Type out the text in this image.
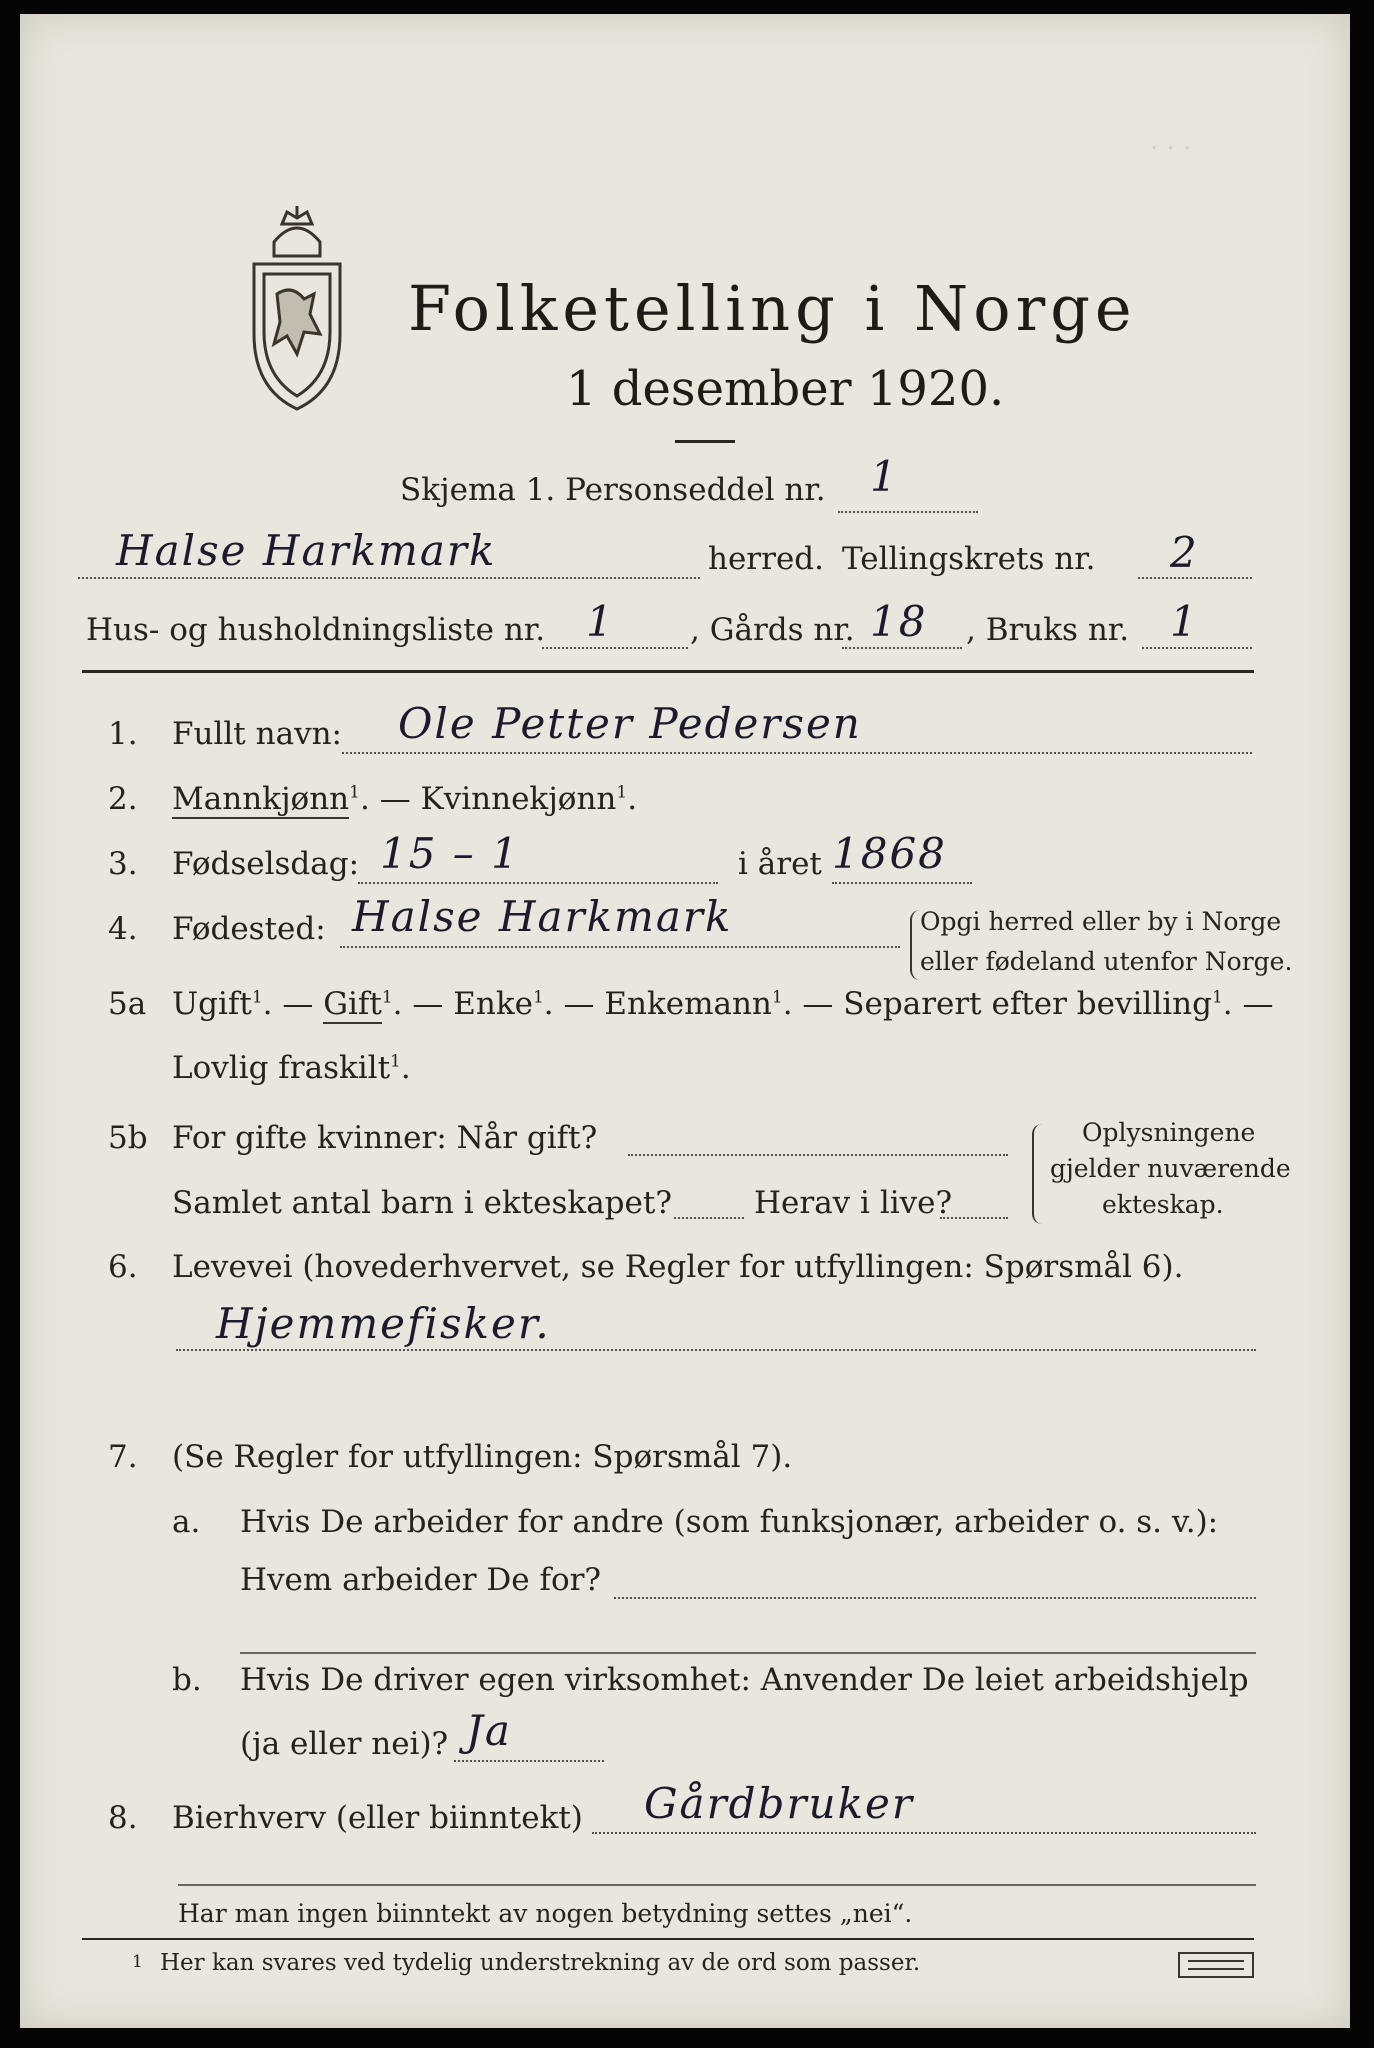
· · ·
Folketelling i Norge
1 desember 1920.
Skjema 1. Personseddel nr. 1
Halse Harkmark	herred. Tellingskrets nr. 2
Hus- og husholdningsliste nr. 1 , Gårds nr. 18 , Bruks nr. 1
1. Fullt navn: Ole Petter Pedersen
2. Mannkjønn$^1$. — Kvinnekjønn$^1$.
3. Fødselsdag: 15 – 1	i året 1868
4. Fødested: Halse Harkmark	Opgi herred eller by i Norge
eller fødeland utenfor Norge.
5a Ugift$^1$. — Gift$^1$. — Enke$^1$. — Enkemann$^1$. — Separert efter bevilling$^1$. —
Lovlig fraskilt$^1$.
5b For gifte kvinner: Når gift?
Samlet antal barn i ekteskapet?	Herav i live?
Oplysningene
gjelder nuværende
ekteskap.
6. Levevei (hovederhvervet, se Regler for utfyllingen: Spørsmål 6).
Hjemmefisker.
7. (Se Regler for utfyllingen: Spørsmål 7).
a. Hvis De arbeider for andre (som funksjonær, arbeider o. s. v.):
Hvem arbeider De for?
b. Hvis De driver egen virksomhet: Anvender De leiet arbeidshjelp
(ja eller nei)? Ja
8. Bierhverv (eller biinntekt) Gårdbruker
Har man ingen biinntekt av nogen betydning settes „nei“.
1 Her kan svares ved tydelig understrekning av de ord som passer.
